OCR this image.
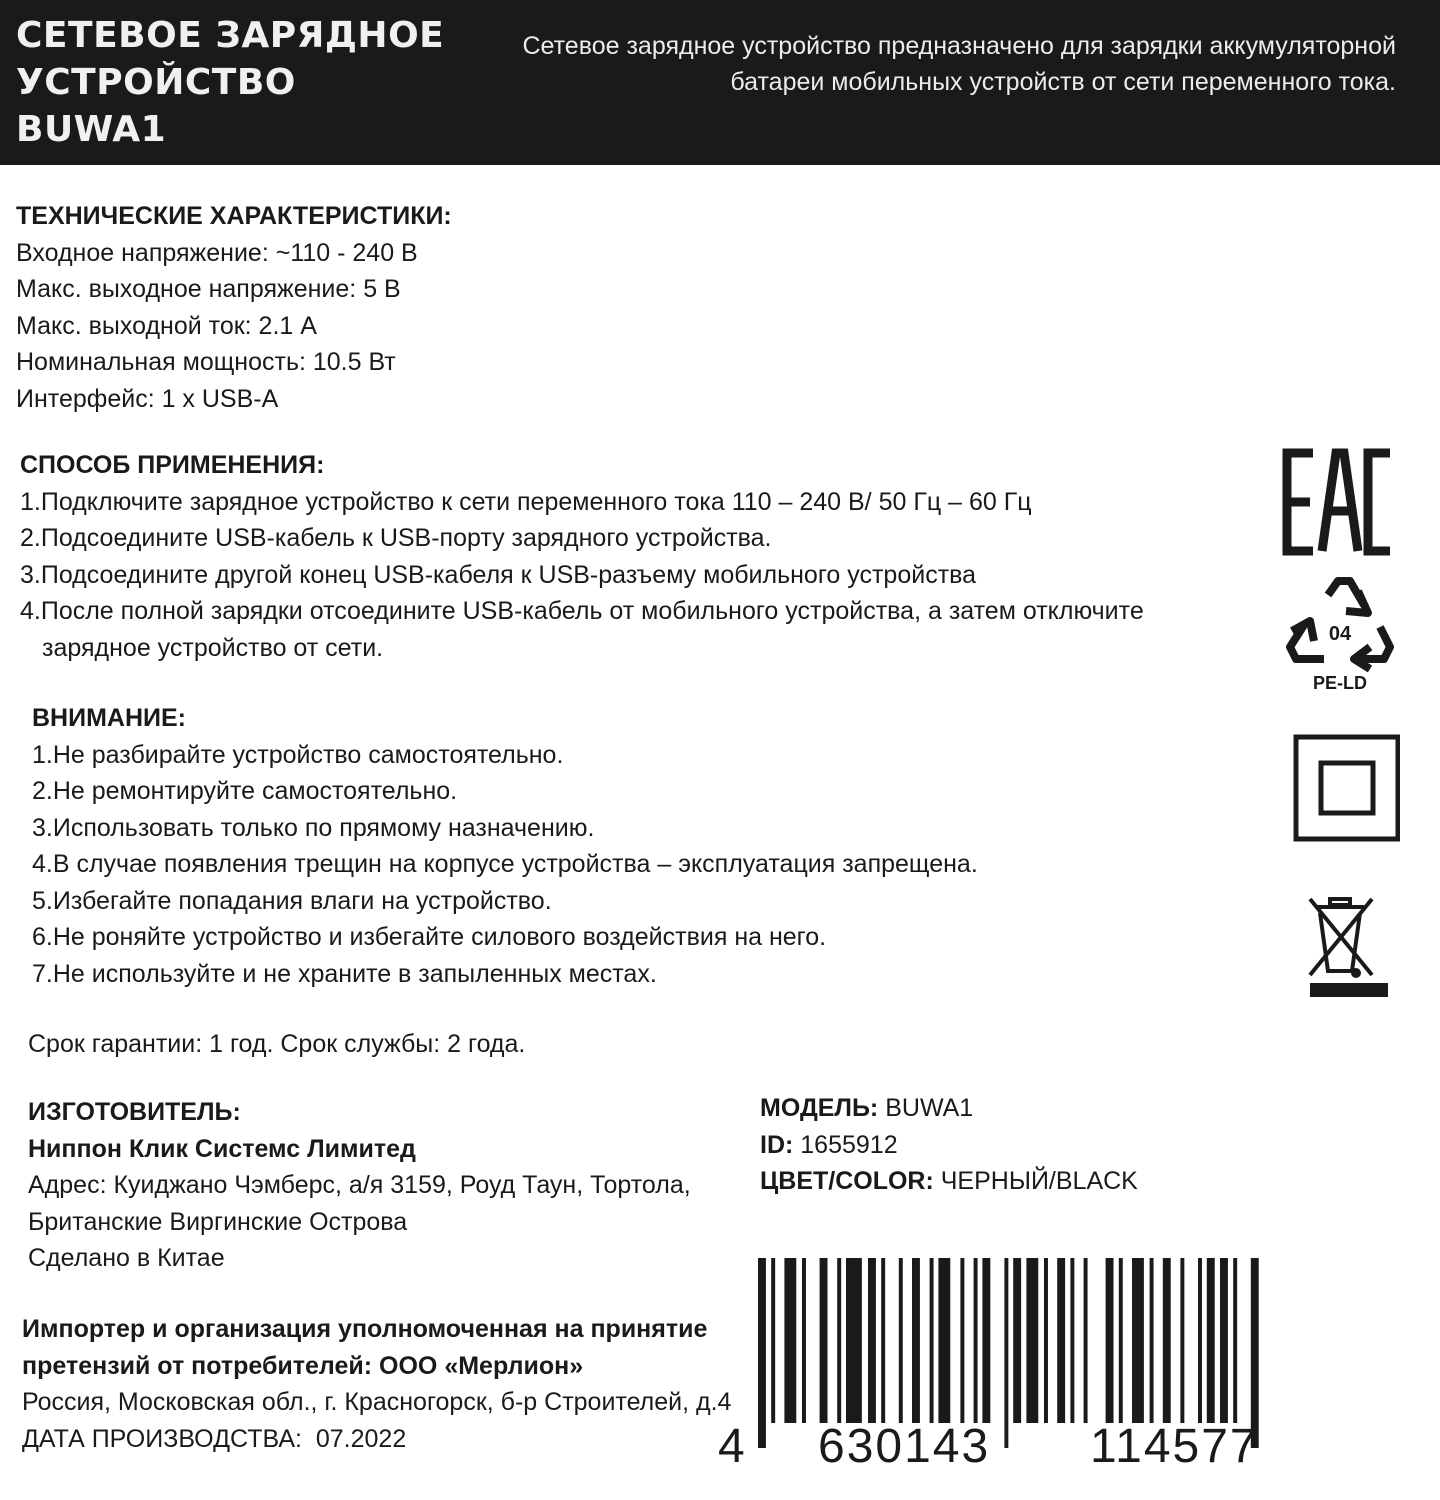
СЕТЕВОЕ ЗАРЯДНОЕ
УСТРОЙСТВО
BUWA1
Сетевое зарядное устройство предназначено для зарядки аккумуляторной батареи мобильных устройств от сети переменного тока.
ТЕХНИЧЕСКИЕ ХАРАКТЕРИСТИКИ:
Входное напряжение: ~110 - 240 В
Макс. выходное напряжение: 5 В
Макс. выходной ток: 2.1 А
Номинальная мощность: 10.5 Вт
Интерфейс: 1 х USB-A
СПОСОБ ПРИМЕНЕНИЯ:
1.Подключите зарядное устройство к сети переменного тока 110 – 240 В/ 50 Гц – 60 Гц
2.Подсоедините USB-кабель к USB-порту зарядного устройства.
3.Подсоедините другой конец USB-кабеля к USB-разъему мобильного устройства
4.После полной зарядки отсоедините USB-кабель от мобильного устройства, а затем отключите
зарядное устройство от сети.
ВНИМАНИЕ:
1.Не разбирайте устройство самостоятельно.
2.Не ремонтируйте самостоятельно.
3.Использовать только по прямому назначению.
4.В случае появления трещин на корпусе устройства – эксплуатация запрещена.
5.Избегайте попадания влаги на устройство.
6.Не роняйте устройство и избегайте силового воздействия на него.
7.Не используйте и не храните в запыленных местах.
Срок гарантии: 1 год. Срок службы: 2 года.
ИЗГОТОВИТЕЛЬ:
Ниппон Клик Системс Лимитед
Адрес: Куиджано Чэмберс, а/я 3159, Роуд Таун, Тортола,
Британские Виргинские Острова
Сделано в Китае
Импортер и организация уполномоченная на принятие
претензий от потребителей: ООО «Мерлион»
Россия, Московская обл., г. Красногорск, б-р Строителей, д.4
ДАТА ПРОИЗВОДСТВА: 07.2022
МОДЕЛЬ: BUWA1
ID: 1655912
ЦВЕТ/COLOR: ЧЕРНЫЙ/BLACK
04
PE-LD
4 630143 114577
